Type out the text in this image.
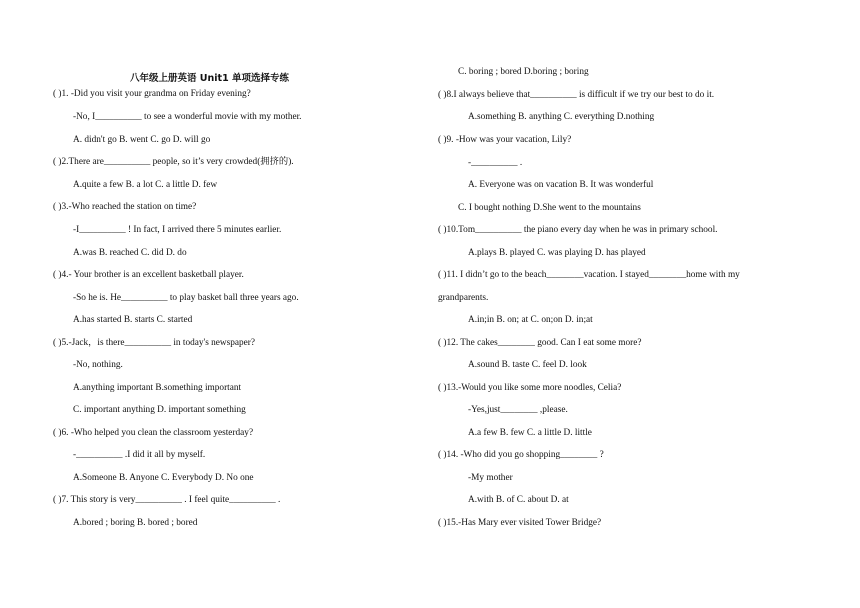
八年级上册英语 Unit1 单项选择专练
( )1. -Did you visit your grandma on Friday evening?
-No, I__________ to see a wonderful movie with my mother.
A. didn't go B. went C. go D. will go
( )2.There are__________ people, so it’s very crowded(拥挤的).
A.quite a few B. a lot C. a little D. few
( )3.-Who reached the station on time?
-I__________ ! In fact, I arrived there 5 minutes earlier.
A.was B. reached C. did D. do
( )4.- Your brother is an excellent basketball player.
-So he is. He__________ to play basket ball three years ago.
A.has started B. starts C. started
( )5.-Jack，is there__________ in today's newspaper?
-No, nothing.
A.anything important B.something important
C. important anything D. important something
( )6. -Who helped you clean the classroom yesterday?
-__________ .I did it all by myself.
A.Someone B. Anyone C. Everybody D. No one
( )7. This story is very__________ . I feel quite__________ .
A.bored ; boring B. bored ; bored
C. boring ; bored D.boring ; boring
( )8.I always believe that__________ is difficult if we try our best to do it.
A.something B. anything C. everything D.nothing
( )9. -How was your vacation, Lily?
-__________ .
A. Everyone was on vacation B. It was wonderful
C. I bought nothing D.She went to the mountains
( )10.Tom__________ the piano every day when he was in primary school.
A.plays B. played C. was playing D. has played
( )11. I didn’t go to the beach________vacation. I stayed________home with my
grandparents.
A.in;in B. on; at C. on;on D. in;at
( )12. The cakes________ good. Can I eat some more?
A.sound B. taste C. feel D. look
( )13.-Would you like some more noodles, Celia?
-Yes,just________ ,please.
A.a few B. few C. a little D. little
( )14. -Who did you go shopping________ ?
-My mother
A.with B. of C. about D. at
( )15.-Has Mary ever visited Tower Bridge?
